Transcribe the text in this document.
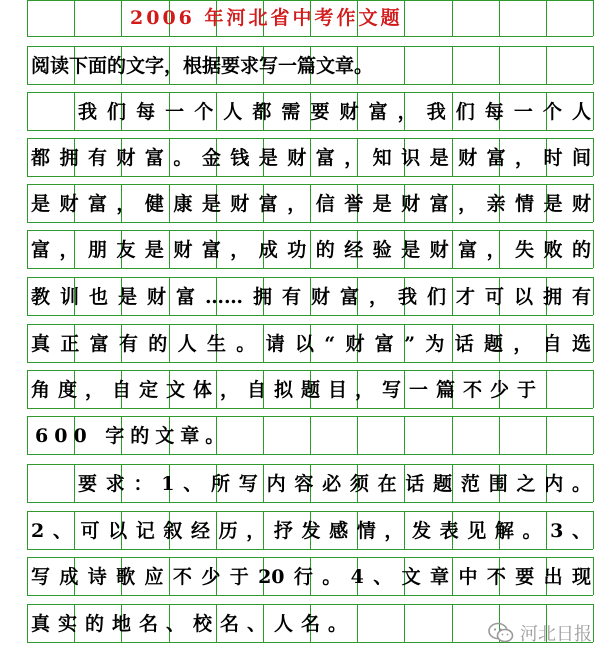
2006 年河北省中考作文题
阅读下面的文字，根据要求写一篇文章。
我们每一个人都需要财富，我们每一个人
都拥有财富。金钱是财富，知识是财富，时间
是财富，健康是财富，信誉是财富，亲情是财
富，朋友是财富，成功的经验是财富，失败的
教训也是财富……拥有财富，我们才可以拥有
真正富有的人生。请以“财富”为话题，自选
角度，自定文体，自拟题目，写一篇不少于
600 字的文章。
要求：1、所写内容必须在话题范围之内。
2、可以记叙经历，抒发感情，发表见解。3、
写成诗歌应不少于20行。4、文章中不要出现
真实的地名、校名、人名。	河北日报
